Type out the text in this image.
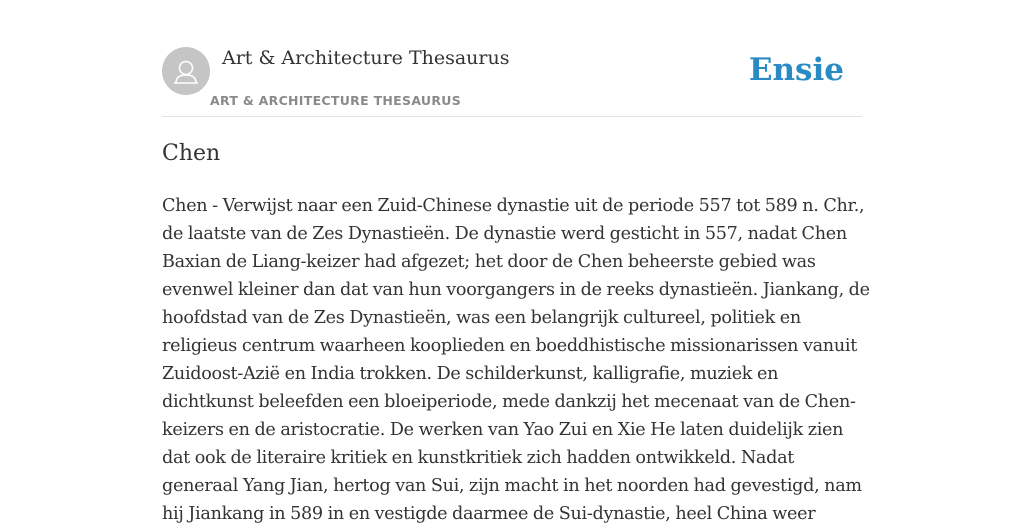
Art & Architecture Thesaurus
ART & ARCHITECTURE THESAURUS
Ensie
Chen

Chen - Verwijst naar een Zuid-Chinese dynastie uit de periode 557 tot 589 n. Chr., de laatste van de Zes Dynastieën. De dynastie werd gesticht in 557, nadat Chen Baxian de Liang-keizer had afgezet; het door de Chen beheerste gebied was evenwel kleiner dan dat van hun voorgangers in de reeks dynastieën. Jiankang, de hoofdstad van de Zes Dynastieën, was een belangrijk cultureel, politiek en religieus centrum waarheen kooplieden en boeddhistische missionarissen vanuit Zuidoost-Azië en India trokken. De schilderkunst, kalligrafie, muziek en dichtkunst beleefden een bloeiperiode, mede dankzij het mecenaat van de Chen-keizers en de aristocratie. De werken van Yao Zui en Xie He laten duidelijk zien dat ook de literaire kritiek en kunstkritiek zich hadden ontwikkeld. Nadat generaal Yang Jian, hertog van Sui, zijn macht in het noorden had gevestigd, nam hij Jiankang in 589 in en vestigde daarmee de Sui-dynastie, heel China weer
